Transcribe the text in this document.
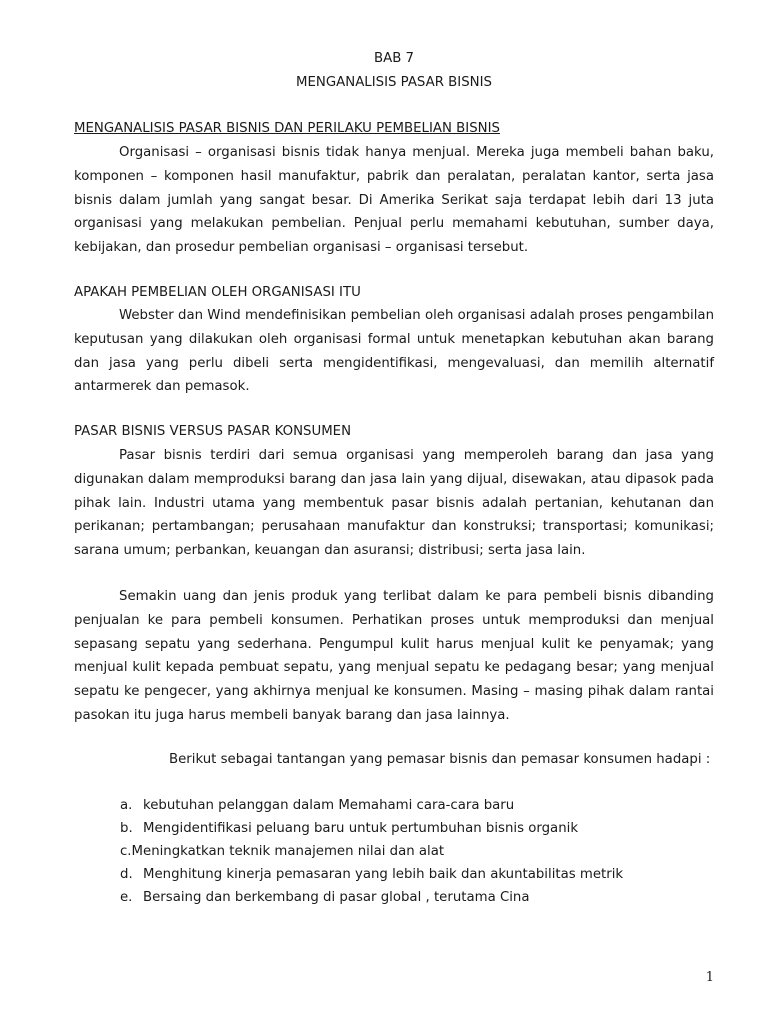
BAB 7
MENGANALISIS PASAR BISNIS
MENGANALISIS PASAR BISNIS DAN PERILAKU PEMBELIAN BISNIS
Organisasi – organisasi bisnis tidak hanya menjual. Mereka juga membeli bahan baku, komponen – komponen hasil manufaktur, pabrik dan peralatan, peralatan kantor, serta jasa bisnis dalam jumlah yang sangat besar. Di Amerika Serikat saja terdapat lebih dari 13 juta organisasi yang melakukan pembelian. Penjual perlu memahami kebutuhan, sumber daya, kebijakan, dan prosedur pembelian organisasi – organisasi tersebut.
APAKAH PEMBELIAN OLEH ORGANISASI ITU
Webster dan Wind mendefinisikan pembelian oleh organisasi adalah proses pengambilan keputusan yang dilakukan oleh organisasi formal untuk menetapkan kebutuhan akan barang dan jasa yang perlu dibeli serta mengidentifikasi, mengevaluasi, dan memilih alternatif antarmerek dan pemasok.
PASAR BISNIS VERSUS PASAR KONSUMEN
Pasar bisnis terdiri dari semua organisasi yang memperoleh barang dan jasa yang digunakan dalam memproduksi barang dan jasa lain yang dijual, disewakan, atau dipasok pada pihak lain. Industri utama yang membentuk pasar bisnis adalah pertanian, kehutanan dan perikanan; pertambangan; perusahaan manufaktur dan konstruksi; transportasi; komunikasi; sarana umum; perbankan, keuangan dan asuransi; distribusi; serta jasa lain.
Semakin uang dan jenis produk yang terlibat dalam ke para pembeli bisnis dibanding penjualan ke para pembeli konsumen. Perhatikan proses untuk memproduksi dan menjual sepasang sepatu yang sederhana. Pengumpul kulit harus menjual kulit ke penyamak; yang menjual kulit kepada pembuat sepatu, yang menjual sepatu ke pedagang besar; yang menjual sepatu ke pengecer, yang akhirnya menjual ke konsumen. Masing – masing pihak dalam rantai pasokan itu juga harus membeli banyak barang dan jasa lainnya.
Berikut sebagai tantangan yang pemasar bisnis dan pemasar konsumen hadapi :
a. kebutuhan pelanggan dalam Memahami cara-cara baru
b. Mengidentifikasi peluang baru untuk pertumbuhan bisnis organik
c.Meningkatkan teknik manajemen nilai dan alat
d. Menghitung kinerja pemasaran yang lebih baik dan akuntabilitas metrik
e. Bersaing dan berkembang di pasar global , terutama Cina
1
